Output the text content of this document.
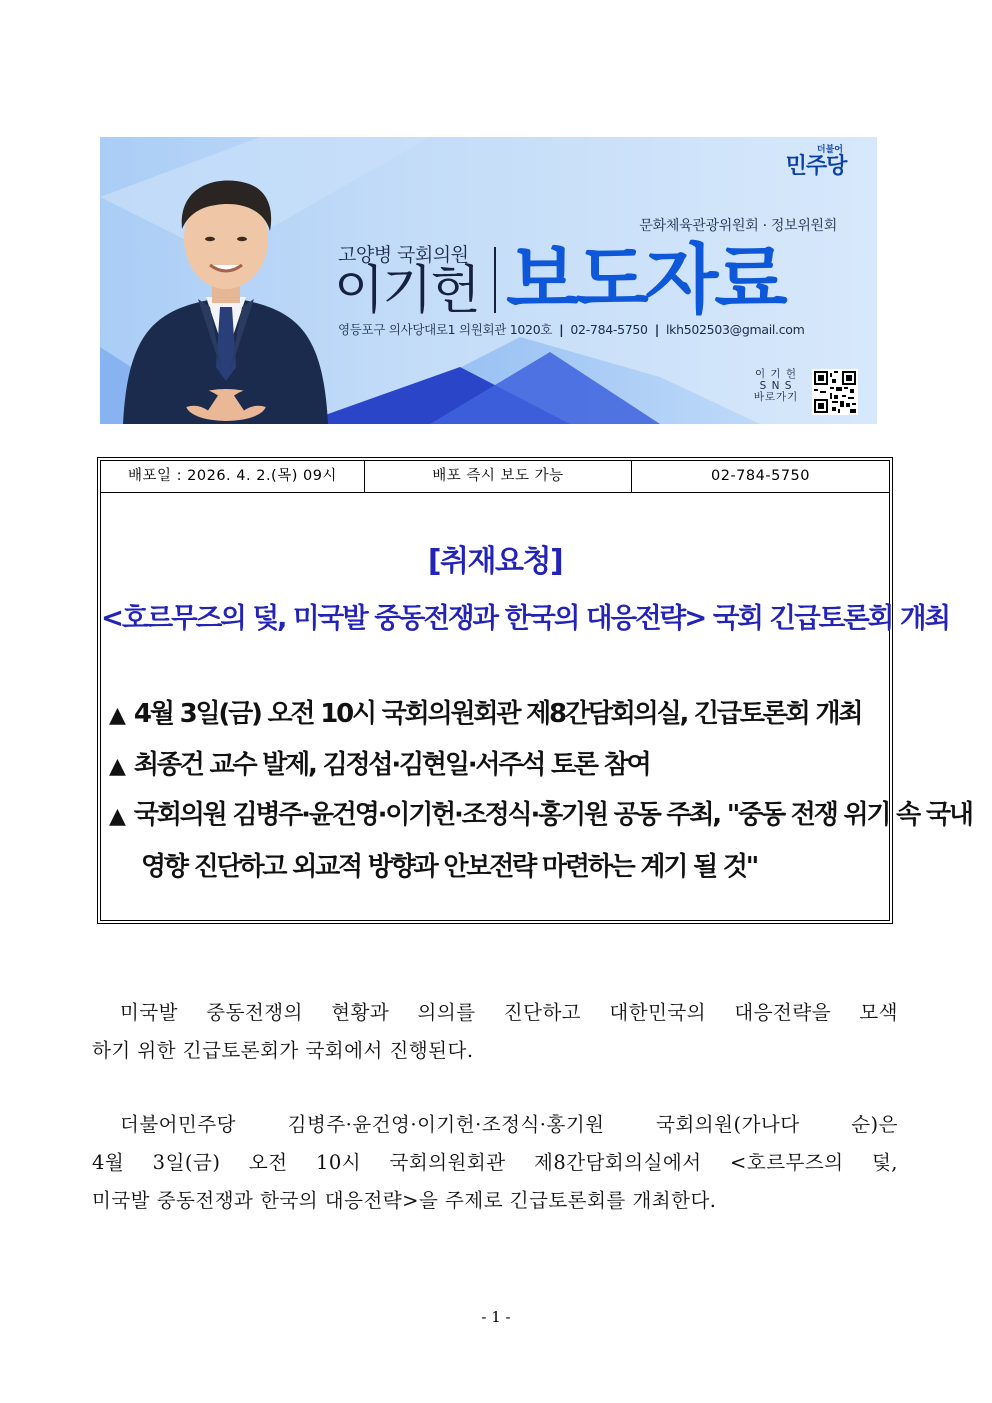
더불어
민주당
문화체육관광위원회 · 정보위원회
고양병 국회의원
이기헌 보도자료
영등포구 의사당대로1 의원회관 1020호 | 02-784-5750 | lkh502503@gmail.com
이 기 헌
S N S
바로가기
배포일 : 2026. 4. 2.(목) 09시	배포 즉시 보도 가능	02-784-5750
[취재요청]
<호르무즈의 덫, 미국발 중동전쟁과 한국의 대응전략> 국회 긴급토론회 개최
▲ 4월 3일(금) 오전 10시 국회의원회관 제8간담회의실, 긴급토론회 개최
▲ 최종건 교수 발제, 김정섭·김현일·서주석 토론 참여
▲ 국회의원 김병주·윤건영·이기헌·조정식·홍기원 공동 주최, "중동 전쟁 위기 속 국내
영향 진단하고 외교적 방향과 안보전략 마련하는 계기 될 것"
미국발 중동전쟁의 현황과 의의를 진단하고 대한민국의 대응전략을 모색
하기 위한 긴급토론회가 국회에서 진행된다.
더불어민주당 김병주·윤건영·이기헌·조정식·홍기원 국회의원(가나다 순)은
4월 3일(금) 오전 10시 국회의원회관 제8간담회의실에서 <호르무즈의 덫,
미국발 중동전쟁과 한국의 대응전략>을 주제로 긴급토론회를 개최한다.
- 1 -
